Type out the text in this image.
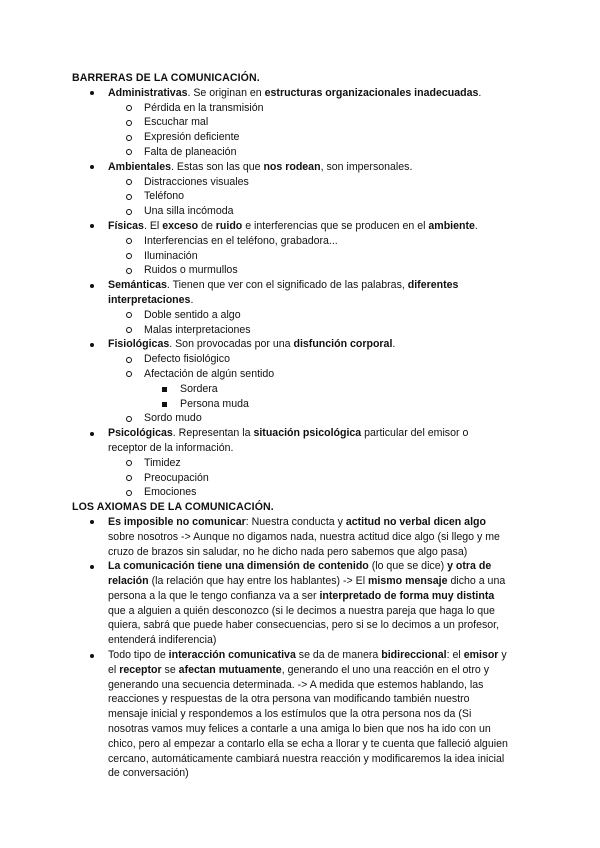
BARRERAS DE LA COMUNICACIÓN.
Administrativas. Se originan en estructuras organizacionales inadecuadas.
Pérdida en la transmisión
Escuchar mal
Expresión deficiente
Falta de planeación
Ambientales. Estas son las que nos rodean, son impersonales.
Distracciones visuales
Teléfono
Una silla incómoda
Físicas. El exceso de ruido e interferencias que se producen en el ambiente.
Interferencias en el teléfono, grabadora...
Iluminación
Ruidos o murmullos
Semánticas. Tienen que ver con el significado de las palabras, diferentes interpretaciones.
Doble sentido a algo
Malas interpretaciones
Fisiológicas. Son provocadas por una disfunción corporal.
Defecto fisiológico
Afectación de algún sentido
Sordera
Persona muda
Sordo mudo
Psicológicas. Representan la situación psicológica particular del emisor o receptor de la información.
Timidez
Preocupación
Emociones
LOS AXIOMAS DE LA COMUNICACIÓN.
Es imposible no comunicar: Nuestra conducta y actitud no verbal dicen algo sobre nosotros -> Aunque no digamos nada, nuestra actitud dice algo (si llego y me cruzo de brazos sin saludar, no he dicho nada pero sabemos que algo pasa)
La comunicación tiene una dimensión de contenido (lo que se dice) y otra de relación (la relación que hay entre los hablantes) -> El mismo mensaje dicho a una persona a la que le tengo confianza va a ser interpretado de forma muy distinta que a alguien a quién desconozco (si le decimos a nuestra pareja que haga lo que quiera, sabrá que puede haber consecuencias, pero si se lo decimos a un profesor, entenderá indiferencia)
Todo tipo de interacción comunicativa se da de manera bidireccional: el emisor y el receptor se afectan mutuamente, generando el uno una reacción en el otro y generando una secuencia determinada. -> A medida que estemos hablando, las reacciones y respuestas de la otra persona van modificando también nuestro mensaje inicial y respondemos a los estímulos que la otra persona nos da (Si nosotras vamos muy felices a contarle a una amiga lo bien que nos ha ido con un chico, pero al empezar a contarlo ella se echa a llorar y te cuenta que falleció alguien cercano, automáticamente cambiará nuestra reacción y modificaremos la idea inicial de conversación)
